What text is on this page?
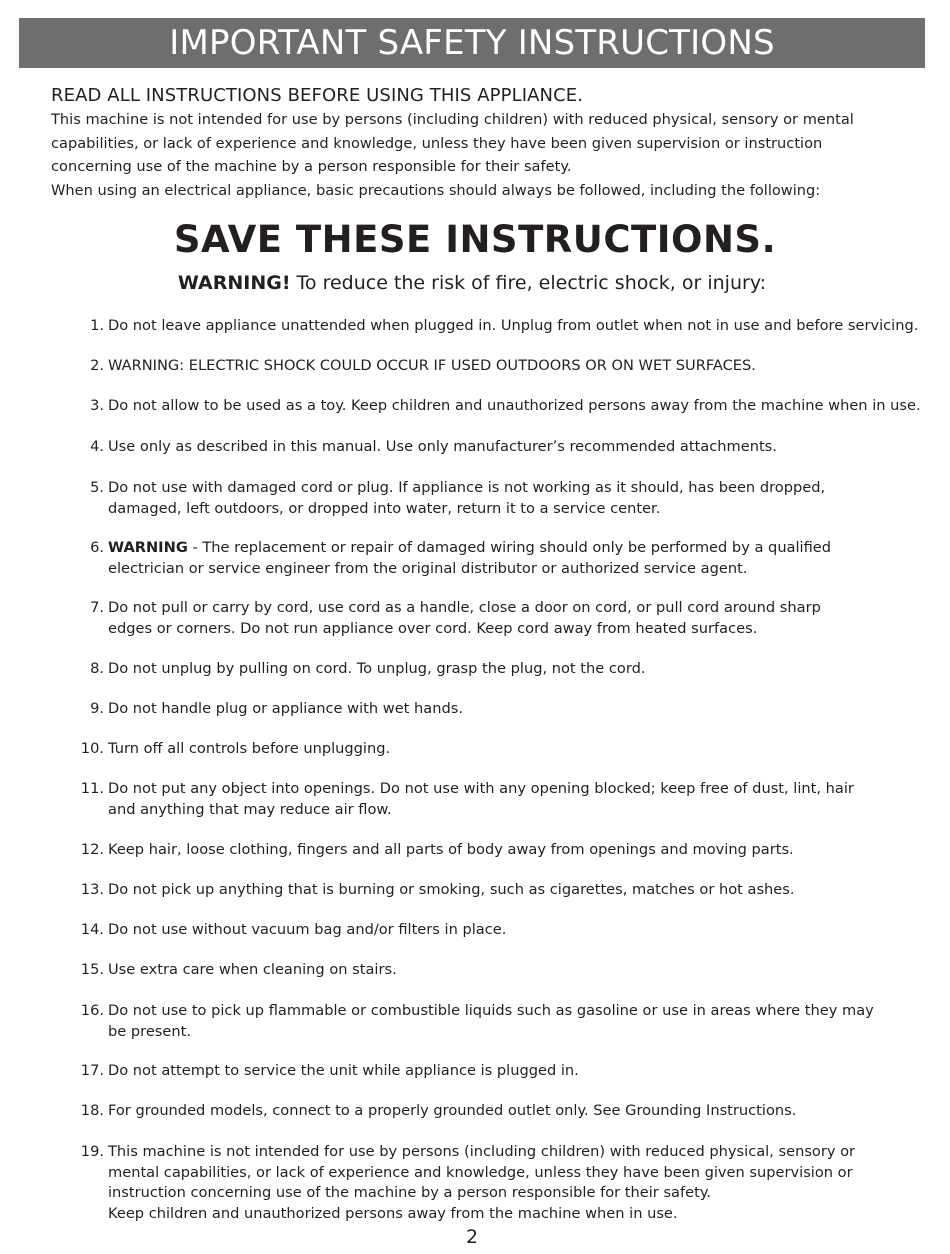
IMPORTANT SAFETY INSTRUCTIONS
READ ALL INSTRUCTIONS BEFORE USING THIS APPLIANCE.
This machine is not intended for use by persons (including children) with reduced physical, sensory or mental
capabilities, or lack of experience and knowledge, unless they have been given supervision or instruction
concerning use of the machine by a person responsible for their safety.
When using an electrical appliance, basic precautions should always be followed, including the following:
SAVE THESE INSTRUCTIONS.
WARNING! To reduce the risk of fire, electric shock, or injury:
1. Do not leave appliance unattended when plugged in. Unplug from outlet when not in use and before servicing.
2. WARNING: ELECTRIC SHOCK COULD OCCUR IF USED OUTDOORS OR ON WET SURFACES.
3. Do not allow to be used as a toy. Keep children and unauthorized persons away from the machine when in use.
4. Use only as described in this manual. Use only manufacturer’s recommended attachments.
5. Do not use with damaged cord or plug. If appliance is not working as it should, has been dropped,
damaged, left outdoors, or dropped into water, return it to a service center.
6. WARNING - The replacement or repair of damaged wiring should only be performed by a qualified
electrician or service engineer from the original distributor or authorized service agent.
7. Do not pull or carry by cord, use cord as a handle, close a door on cord, or pull cord around sharp
edges or corners. Do not run appliance over cord. Keep cord away from heated surfaces.
8. Do not unplug by pulling on cord. To unplug, grasp the plug, not the cord.
9. Do not handle plug or appliance with wet hands.
10. Turn off all controls before unplugging.
11. Do not put any object into openings. Do not use with any opening blocked; keep free of dust, lint, hair
and anything that may reduce air flow.
12. Keep hair, loose clothing, fingers and all parts of body away from openings and moving parts.
13. Do not pick up anything that is burning or smoking, such as cigarettes, matches or hot ashes.
14. Do not use without vacuum bag and/or filters in place.
15. Use extra care when cleaning on stairs.
16. Do not use to pick up flammable or combustible liquids such as gasoline or use in areas where they may
be present.
17. Do not attempt to service the unit while appliance is plugged in.
18. For grounded models, connect to a properly grounded outlet only. See Grounding Instructions.
19. This machine is not intended for use by persons (including children) with reduced physical, sensory or
mental capabilities, or lack of experience and knowledge, unless they have been given supervision or
instruction concerning use of the machine by a person responsible for their safety.
Keep children and unauthorized persons away from the machine when in use.
2
